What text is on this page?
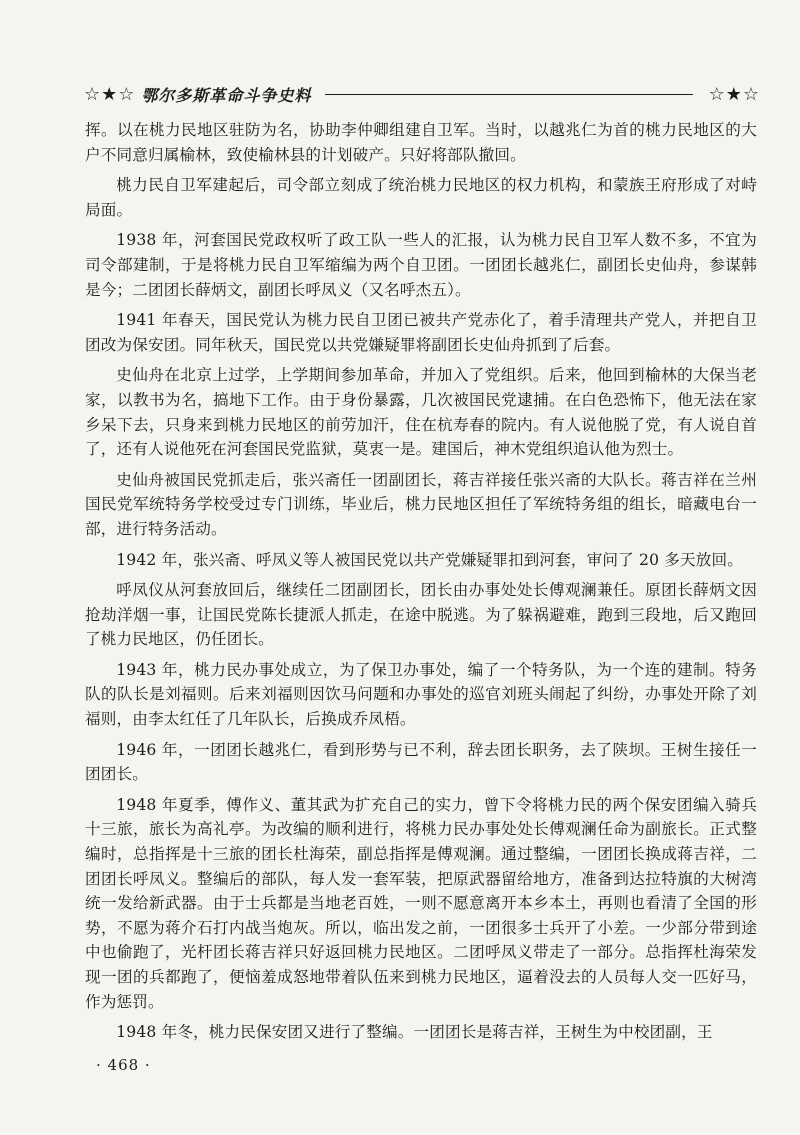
☆★☆ 鄂尔多斯革命斗争史料	☆★☆

挥。以在桃力民地区驻防为名，协助李仲卿组建自卫军。当时，以越兆仁为首的桃力民地区的大户不同意归属榆林，致使榆林县的计划破产。只好将部队撤回。

桃力民自卫军建起后，司令部立刻成了统治桃力民地区的权力机构，和蒙族王府形成了对峙局面。

1938 年，河套国民党政权听了政工队一些人的汇报，认为桃力民自卫军人数不多，不宜为司令部建制，于是将桃力民自卫军缩编为两个自卫团。一团团长越兆仁，副团长史仙舟，参谋韩是今；二团团长薛炳文，副团长呼凤义（又名呼杰五）。

1941 年春天，国民党认为桃力民自卫团已被共产党赤化了，着手清理共产党人，并把自卫团改为保安团。同年秋天，国民党以共党嫌疑罪将副团长史仙舟抓到了后套。

史仙舟在北京上过学，上学期间参加革命，并加入了党组织。后来，他回到榆林的大保当老家，以教书为名，搞地下工作。由于身份暴露，几次被国民党逮捕。在白色恐怖下，他无法在家乡呆下去，只身来到桃力民地区的前劳加汗，住在杭寿春的院内。有人说他脱了党，有人说自首了，还有人说他死在河套国民党监狱，莫衷一是。建国后，神木党组织追认他为烈士。

史仙舟被国民党抓走后，张兴斋任一团副团长，蒋吉祥接任张兴斋的大队长。蒋吉祥在兰州国民党军统特务学校受过专门训练，毕业后，桃力民地区担任了军统特务组的组长，暗藏电台一部，进行特务活动。

1942 年，张兴斋、呼凤义等人被国民党以共产党嫌疑罪扣到河套，审问了 20 多天放回。

呼凤仪从河套放回后，继续任二团副团长，团长由办事处处长傅观澜兼任。原团长薛炳文因抢劫洋烟一事，让国民党陈长捷派人抓走，在途中脱逃。为了躲祸避难，跑到三段地，后又跑回了桃力民地区，仍任团长。

1943 年，桃力民办事处成立，为了保卫办事处，编了一个特务队，为一个连的建制。特务队的队长是刘福则。后来刘福则因饮马问题和办事处的巡官刘班头闹起了纠纷，办事处开除了刘福则，由李太红任了几年队长，后换成乔凤梧。

1946 年，一团团长越兆仁，看到形势与已不利，辞去团长职务，去了陕坝。王树生接任一团团长。

1948 年夏季，傅作义、董其武为扩充自己的实力，曾下令将桃力民的两个保安团编入骑兵十三旅，旅长为高礼亭。为改编的顺利进行，将桃力民办事处处长傅观澜任命为副旅长。正式整编时，总指挥是十三旅的团长杜海荣，副总指挥是傅观澜。通过整编，一团团长换成蒋吉祥，二团团长呼凤义。整编后的部队，每人发一套军装，把原武器留给地方，准备到达拉特旗的大树湾统一发给新武器。由于士兵都是当地老百姓，一则不愿意离开本乡本土，再则也看清了全国的形势，不愿为蒋介石打内战当炮灰。所以，临出发之前，一团很多士兵开了小差。一少部分带到途中也偷跑了，光杆团长蒋吉祥只好返回桃力民地区。二团呼凤义带走了一部分。总指挥杜海荣发现一团的兵都跑了，便恼羞成怒地带着队伍来到桃力民地区，逼着没去的人员每人交一匹好马，作为惩罚。

1948 年冬，桃力民保安团又进行了整编。一团团长是蒋吉祥，王树生为中校团副，王

· 468 ·
